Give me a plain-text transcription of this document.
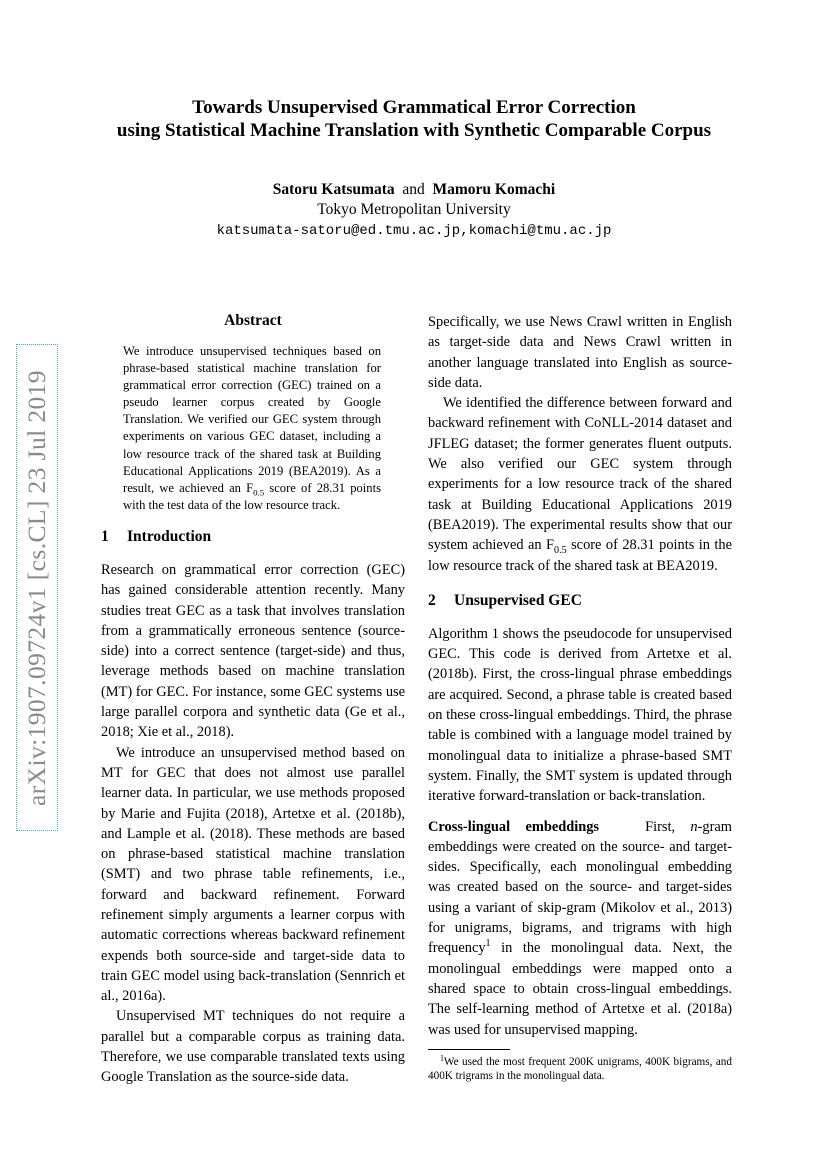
arXiv:1907.09724v1 [cs.CL] 23 Jul 2019
Towards Unsupervised Grammatical Error Correction
using Statistical Machine Translation with Synthetic Comparable Corpus
Satoru Katsumata and Mamoru Komachi
Tokyo Metropolitan University
katsumata-satoru@ed.tmu.ac.jp,komachi@tmu.ac.jp
Abstract
We introduce unsupervised techniques based on phrase-based statistical machine translation for grammatical error correction (GEC) trained on a pseudo learner corpus created by Google Translation. We verified our GEC system through experiments on various GEC dataset, including a low resource track of the shared task at Building Educational Applications 2019 (BEA2019). As a result, we achieved an $F_{0.5}$ score of 28.31 points with the test data of the low resource track.
1 Introduction

Research on grammatical error correction (GEC) has gained considerable attention recently. Many studies treat GEC as a task that involves translation from a grammatically erroneous sentence (source-side) into a correct sentence (target-side) and thus, leverage methods based on machine translation (MT) for GEC. For instance, some GEC systems use large parallel corpora and synthetic data (Ge et al., 2018; Xie et al., 2018).

We introduce an unsupervised method based on MT for GEC that does not almost use parallel learner data. In particular, we use methods proposed by Marie and Fujita (2018), Artetxe et al. (2018b), and Lample et al. (2018). These methods are based on phrase-based statistical machine translation (SMT) and two phrase table refinements, i.e., forward and backward refinement. Forward refinement simply arguments a learner corpus with automatic corrections whereas backward refinement expends both source-side and target-side data to train GEC model using back-translation (Sennrich et al., 2016a).

Unsupervised MT techniques do not require a parallel but a comparable corpus as training data. Therefore, we use comparable translated texts using Google Translation as the source-side data.

Specifically, we use News Crawl written in English as target-side data and News Crawl written in another language translated into English as source-side data.

We identified the difference between forward and backward refinement with CoNLL-2014 dataset and JFLEG dataset; the former generates fluent outputs. We also verified our GEC system through experiments for a low resource track of the shared task at Building Educational Applications 2019 (BEA2019). The experimental results show that our system achieved an $F_{0.5}$ score of 28.31 points in the low resource track of the shared task at BEA2019.

2 Unsupervised GEC

Algorithm 1 shows the pseudocode for unsupervised GEC. This code is derived from Artetxe et al. (2018b). First, the cross-lingual phrase embeddings are acquired. Second, a phrase table is created based on these cross-lingual embeddings. Third, the phrase table is combined with a language model trained by monolingual data to initialize a phrase-based SMT system. Finally, the SMT system is updated through iterative forward-translation or back-translation.

Cross-lingual embeddings	First, n-gram embeddings were created on the source- and target-sides. Specifically, each monolingual embedding was created based on the source- and target-sides using a variant of skip-gram (Mikolov et al., 2013) for unigrams, bigrams, and trigrams with high frequency$^1$ in the monolingual data. Next, the monolingual embeddings were mapped onto a shared space to obtain cross-lingual embeddings. The self-learning method of Artetxe et al. (2018a) was used for unsupervised mapping.

$^1$We used the most frequent 200K unigrams, 400K bigrams, and 400K trigrams in the monolingual data.
